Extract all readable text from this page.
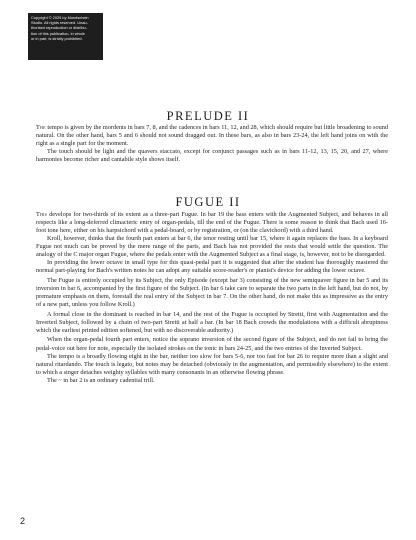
Copyright © 2025 by Mondschein
Studio. All rights reserved. Unau-
thorised reproduction or distribu-
tion of this publication, in whole
or in part, is strictly prohibited.
PRELUDE II

The tempo is given by the mordents in bars 7, 8, and the cadences in bars 11, 12, and 28, which should require but little broadening to sound natural. On the other hand, bars 5 and 6 should not sound dragged out. In these bars, as also in bars 23-24, the left hand joins on with the right as a single part for the moment.

The touch should be light and the quavers staccato, except for conjunct passages such as in bars 11-12, 13, 15, 20, and 27, where harmonies become richer and cantabile style shows itself.

FUGUE II

This develops for two-thirds of its extent as a three-part Fugue. In bar 19 the bass enters with the Augmented Subject, and behaves in all respects like a long-deferred climacteric entry of organ-pedals, till the end of the Fugue. There is some reason to think that Bach used 16-foot tone here, either on his harpsichord with a pedal-board, or by registration, or (on the clavichord) with a third hand.

Kroll, however, thinks that the fourth part enters at bar 6, the tenor resting until bar 15, where it again replaces the bass. In a keyboard Fugue not much can be proved by the mere range of the parts, and Bach has not provided the rests that would settle the question. The analogy of the C major organ Fugue, where the pedals enter with the Augmented Subject as a final stage, is, however, not to be disregarded.

In providing the lower octave in small type for this quasi-pedal part it is suggested that after the student has thoroughly mastered the normal part-playing for Bach's written notes he can adopt any suitable score-reader's or pianist's device for adding the lower octave.

The Fugue is entirely occupied by its Subject, the only Episode (except bar 3) consisting of the new semiquaver figure in bar 5 and its inversion in bar 6, accompanied by the first figure of the Subject. (In bar 6 take care to separate the two parts in the left hand, but do not, by premature emphasis on them, forestall the real entry of the Subject in bar 7. On the other hand, do not make this as impressive as the entry of a new part, unless you follow Kroll.)

A formal close in the dominant is reached in bar 14, and the rest of the Fugue is occupied by Stretti, first with Augmentation and the Inverted Subject, followed by a chain of two-part Stretti at half a bar. (In bar 18 Bach crowds the modulations with a difficult abruptness which the earliest printed edition softened, but with no discoverable authority.)

When the organ-pedal fourth part enters, notice the soprano inversion of the second figure of the Subject, and do not fail to bring the pedal-voice out here for note, especially the isolated strokes on the tonic in bars 24-25, and the two entries of the Inverted Subject.

The tempo is a broadly flowing eight in the bar, neither too slow for bars 5-6, nor too fast for bar 26 to require more than a slight and natural ritardando. The touch is legato, but notes may be detached (obviously in the augmentation, and permissibly elsewhere) to the extent to which a singer detaches weighty syllables with many consonants in an otherwise flowing phrase.

The ~ in bar 2 is an ordinary cadential trill.

2
